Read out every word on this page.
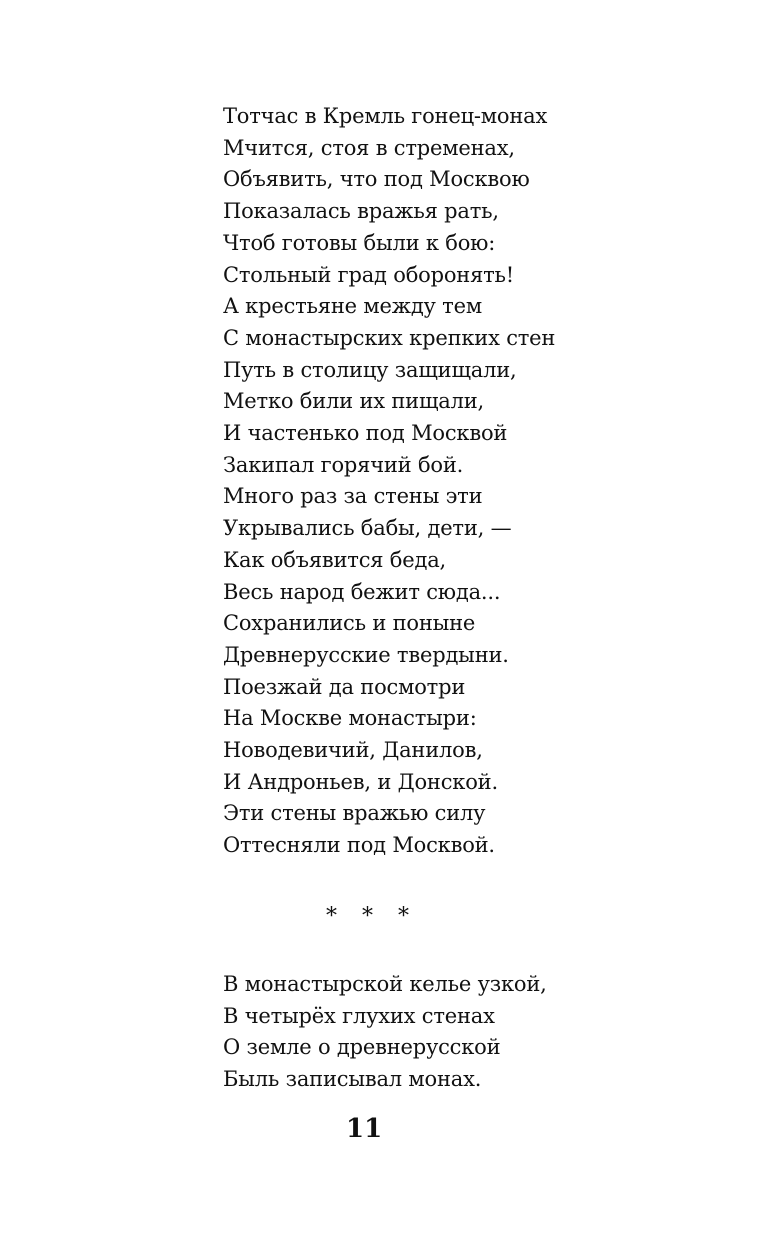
Тотчас в Кремль гонец-монах
Мчится, стоя в стременах,
Объявить, что под Москвою
Показалась вражья рать,
Чтоб готовы были к бою:
Стольный град оборонять!
А крестьяне между тем
С монастырских крепких стен
Путь в столицу защищали,
Метко били их пищали,
И частенько под Москвой
Закипал горячий бой.
Много раз за стены эти
Укрывались бабы, дети, —
Как объявится беда,
Весь народ бежит сюда...
Сохранились и поныне
Древнерусские твердыни.
Поезжай да посмотри
На Москве монастыри:
Новодевичий, Данилов,
И Андроньев, и Донской.
Эти стены вражью силу
Оттесняли под Москвой.
* * *
В монастырской келье узкой,
В четырёх глухих стенах
О земле о древнерусской
Быль записывал монах.
11
